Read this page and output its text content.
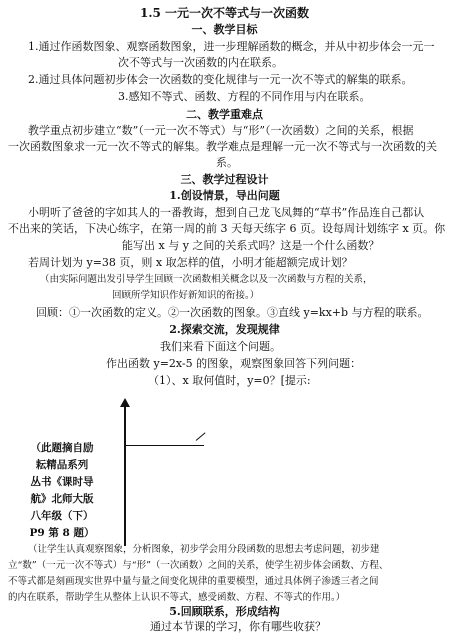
1.5 一元一次不等式与一次函数
一、教学目标
1.通过作函数图象、观察函数图象，进一步理解函数的概念，并从中初步体会一元一
次不等式与一次函数的内在联系。
2.通过具体问题初步体会一次函数的变化规律与一元一次不等式的解集的联系。
3.感知不等式、函数、方程的不同作用与内在联系。
二、教学重难点
教学重点初步建立“数”（一元一次不等式）与“形”（一次函数）之间的关系，根据
一次函数图象求一元一次不等式的解集。教学难点是理解一元一次不等式与一次函数的关
系。
三、教学过程设计
1.创设情景，导出问题
小明听了爸爸的字如其人的一番教诲，想到自己龙飞凤舞的“草书”作品连自己都认
不出来的笑话，下决心练字，在第一周的前 3 天每天练字 6 页。设每周计划练字 x 页。你
能写出 x 与 y 之间的关系式吗？这是一个什么函数？
若周计划为 y=38 页，则 x 取怎样的值，小明才能超额完成计划？
（由实际问题出发引导学生回顾一次函数相关概念以及一次函数与方程的关系，
回顾所学知识作好新知识的衔接。）
回顾：①一次函数的定义。②一次函数的图象。③直线 y=kx+b 与方程的联系。
2.探索交流，发现规律
我们来看下面这个问题。
作出函数 y=2x-5 的图象，观察图象回答下列问题：
（1）、x 取何值时，y=0？[提示:
（此题摘自励
耘精品系列
丛书《课时导
航》北师大版
八年级（下）
P9 第 8 题）
（让学生认真观察图象，分析图象，初步学会用分段函数的思想去考虑问题，初步建
立“数”（一元一次不等式）与“形”（一次函数）之间的关系，使学生初步体会函数、方程、
不等式都是刻画现实世界中量与量之间变化规律的重要模型，通过具体例子渗透三者之间
的内在联系，帮助学生从整体上认识不等式，感受函数、方程、不等式的作用。）
5.回顾联系，形成结构
通过本节课的学习，你有哪些收获？
